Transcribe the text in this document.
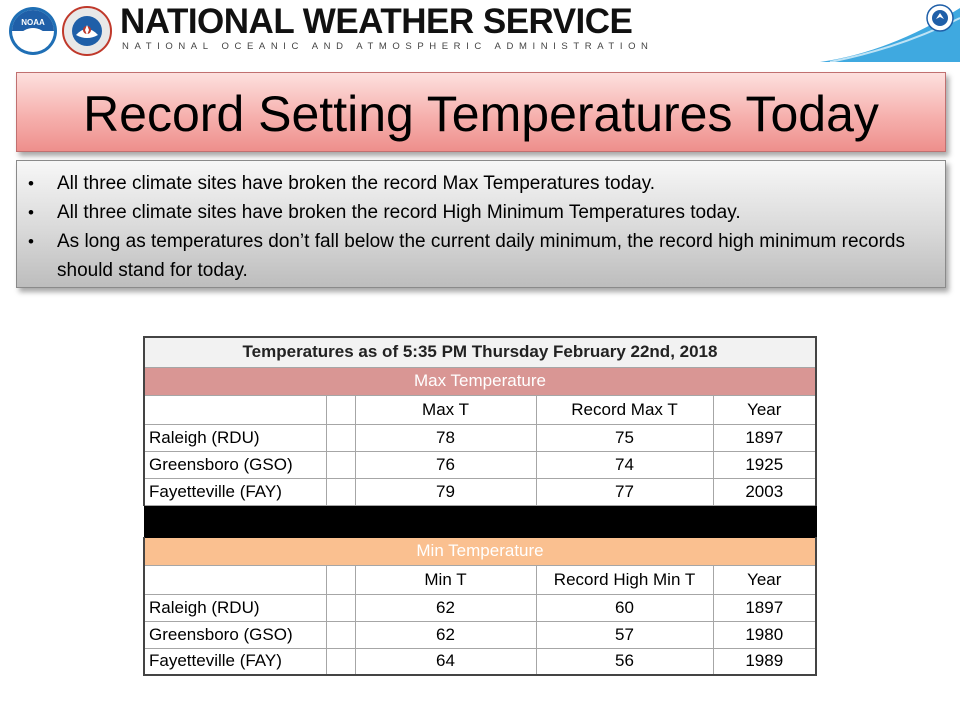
NOAA NATIONAL WEATHER SERVICE
NATIONAL OCEANIC AND ATMOSPHERIC ADMINISTRATION
Record Setting Temperatures Today
• All three climate sites have broken the record Max Temperatures today.
• All three climate sites have broken the record High Minimum Temperatures today.
• As long as temperatures don’t fall below the current daily minimum, the record high minimum records should stand for today.
Temperatures as of 5:35 PM Thursday February 22nd, 2018				
Max Temperature				
		Max T	Record Max T	Year
Raleigh (RDU)		78	75	1897
Greensboro (GSO)		76	74	1925
Fayetteville (FAY)		79	77	2003

Min Temperature				
		Min T	Record High Min T	Year
Raleigh (RDU)		62	60	1897
Greensboro (GSO)		62	57	1980
Fayetteville (FAY)		64	56	1989
